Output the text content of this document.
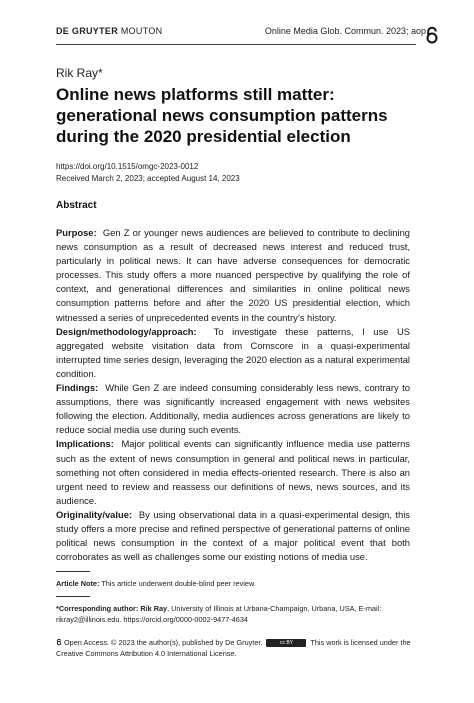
DE GRUYTER MOUTON	Online Media Glob. Commun. 2023; aop
Rik Ray*
Online news platforms still matter: generational news consumption patterns during the 2020 presidential election
https://doi.org/10.1515/omgc-2023-0012
Received March 2, 2023; accepted August 14, 2023
Abstract

Purpose: Gen Z or younger news audiences are believed to contribute to declining news consumption as a result of decreased news interest and reduced trust, particularly in political news. It can have adverse consequences for democratic processes. This study offers a more nuanced perspective by qualifying the role of context, and generational differences and similarities in online political news consumption patterns before and after the 2020 US presidential election, which witnessed a series of unprecedented events in the country’s history.

Design/methodology/approach: To investigate these patterns, I use US aggregated website visitation data from Comscore in a quasi-experimental interrupted time series design, leveraging the 2020 election as a natural experimental condition.

Findings: While Gen Z are indeed consuming considerably less news, contrary to assumptions, there was significantly increased engagement with news websites following the election. Additionally, media audiences across generations are likely to reduce social media use during such events.

Implications: Major political events can significantly influence media use patterns such as the extent of news consumption in general and political news in particular, something not often considered in media effects-oriented research. There is also an urgent need to review and reassess our definitions of news, news sources, and its audience.

Originality/value: By using observational data in a quasi-experimental design, this study offers a more precise and refined perspective of generational patterns of online political news consumption in the context of a major political event that both corroborates as well as challenges some our existing notions of media use.

Article Note: This article underwent double-blind peer review.
*Corresponding author: Rik Ray, University of Illinois at Urbana-Champaign, Urbana, USA, E-mail: rikray2@illinois.edu. https://orcid.org/0000-0002-9477-4634
Open Access. © 2023 the author(s), published by De Gruyter.	cc BY This work is licensed under the Creative Commons Attribution 4.0 International License.
